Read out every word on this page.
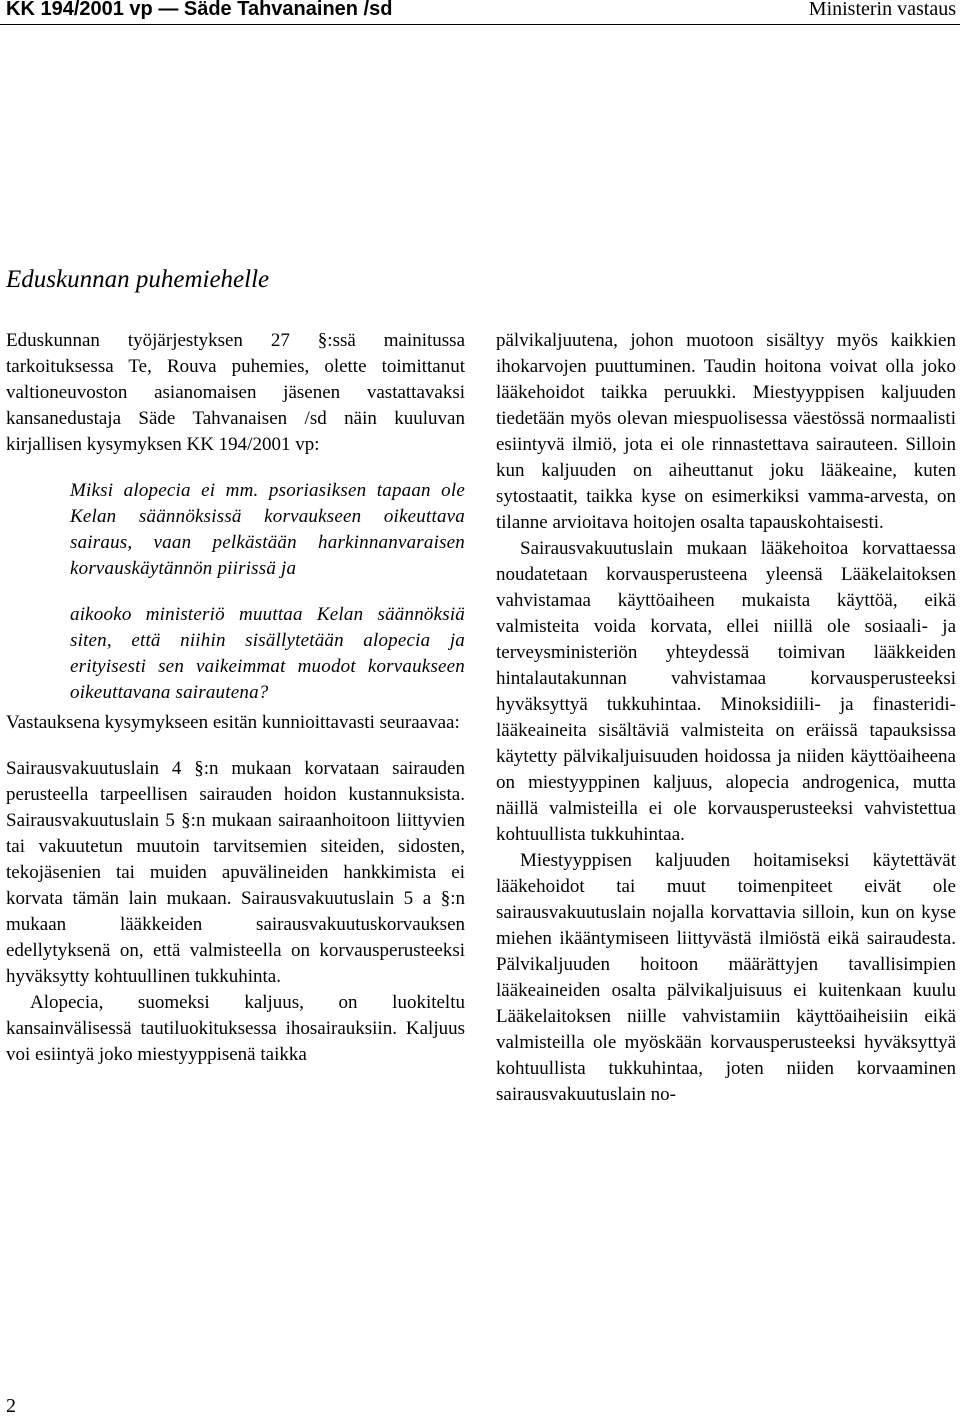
KK 194/2001 vp — Säde Tahvanainen /sd	Ministerin vastaus
Eduskunnan puhemiehelle

Eduskunnan työjärjestyksen 27 §:ssä mainitussa tarkoituksessa Te, Rouva puhemies, olette toimittanut valtioneuvoston asianomaisen jäsenen vastattavaksi kansanedustaja Säde Tahvanaisen /sd näin kuuluvan kirjallisen kysymyksen KK 194/2001 vp:

Miksi alopecia ei mm. psoriasiksen tapaan ole Kelan säännöksissä korvaukseen oikeuttava sairaus, vaan pelkästään harkinnanvaraisen korvauskäytännön piirissä ja

aikooko ministeriö muuttaa Kelan säännöksiä siten, että niihin sisällytetään alopecia ja erityisesti sen vaikeimmat muodot korvaukseen oikeuttavana sairautena?

Vastauksena kysymykseen esitän kunnioittavasti seuraavaa:

Sairausvakuutuslain 4 §:n mukaan korvataan sairauden perusteella tarpeellisen sairauden hoidon kustannuksista. Sairausvakuutuslain 5 §:n mukaan sairaanhoitoon liittyvien tai vakuutetun muutoin tarvitsemien siteiden, sidosten, tekojäsenien tai muiden apuvälineiden hankkimista ei korvata tämän lain mukaan. Sairausvakuutuslain 5 a §:n mukaan lääkkeiden sairausvakuutuskorvauksen edellytyksenä on, että valmisteella on korvausperusteeksi hyväksytty kohtuullinen tukkuhinta.

Alopecia, suomeksi kaljuus, on luokiteltu kansainvälisessä tautiluokituksessa ihosairauksiin. Kaljuus voi esiintyä joko miestyyppisenä taikka

pälvikaljuutena, johon muotoon sisältyy myös kaikkien ihokarvojen puuttuminen. Taudin hoitona voivat olla joko lääkehoidot taikka peruukki. Miestyyppisen kaljuuden tiedetään myös olevan miespuolisessa väestössä normaalisti esiintyvä ilmiö, jota ei ole rinnastettava sairauteen. Silloin kun kaljuuden on aiheuttanut joku lääkeaine, kuten sytostaatit, taikka kyse on esimerkiksi vamma-arvesta, on tilanne arvioitava hoitojen osalta tapauskohtaisesti.

Sairausvakuutuslain mukaan lääkehoitoa korvattaessa noudatetaan korvausperusteena yleensä Lääkelaitoksen vahvistamaa käyttöaiheen mukaista käyttöä, eikä valmisteita voida korvata, ellei niillä ole sosiaali- ja terveysministeriön yhteydessä toimivan lääkkeiden hintalautakunnan vahvistamaa korvausperusteeksi hyväksyttyä tukkuhintaa. Minoksidiili- ja finasteridi-lääkeaineita sisältäviä valmisteita on eräissä tapauksissa käytetty pälvikaljuisuuden hoidossa ja niiden käyttöaiheena on miestyyppinen kaljuus, alopecia androgenica, mutta näillä valmisteilla ei ole korvausperusteeksi vahvistettua kohtuullista tukkuhintaa.

Miestyyppisen kaljuuden hoitamiseksi käytettävät lääkehoidot tai muut toimenpiteet eivät ole sairausvakuutuslain nojalla korvattavia silloin, kun on kyse miehen ikääntymiseen liittyvästä ilmiöstä eikä sairaudesta. Pälvikaljuuden hoitoon määrättyjen tavallisimpien lääkeaineiden osalta pälvikaljuisuus ei kuitenkaan kuulu Lääkelaitoksen niille vahvistamiin käyttöaiheisiin eikä valmisteilla ole myöskään korvausperusteeksi hyväksyttyä kohtuullista tukkuhintaa, joten niiden korvaaminen sairausvakuutuslain no-

2
